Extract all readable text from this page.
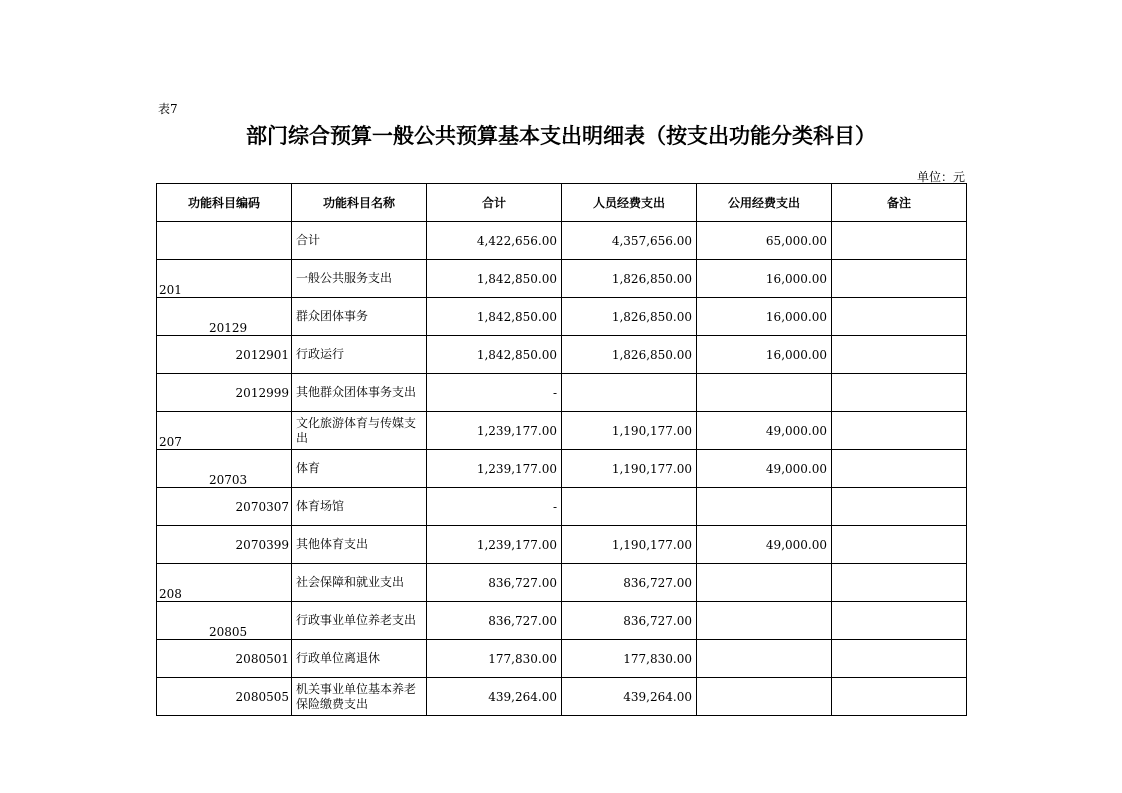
表7
部门综合预算一般公共预算基本支出明细表（按支出功能分类科目）
单位：元
功能科目编码	功能科目名称	合计	人员经费支出	公用经费支出	备注
	合计	4,422,656.00	4,357,656.00	65,000.00	
201	一般公共服务支出	1,842,850.00	1,826,850.00	16,000.00	
20129	群众团体事务	1,842,850.00	1,826,850.00	16,000.00	
2012901	行政运行	1,842,850.00	1,826,850.00	16,000.00	
2012999	其他群众团体事务支出	-			
207	文化旅游体育与传媒支出	1,239,177.00	1,190,177.00	49,000.00	
20703	体育	1,239,177.00	1,190,177.00	49,000.00	
2070307	体育场馆	-			
2070399	其他体育支出	1,239,177.00	1,190,177.00	49,000.00	
208	社会保障和就业支出	836,727.00	836,727.00		
20805	行政事业单位养老支出	836,727.00	836,727.00		
2080501	行政单位离退休	177,830.00	177,830.00		
2080505	机关事业单位基本养老保险缴费支出	439,264.00	439,264.00		
